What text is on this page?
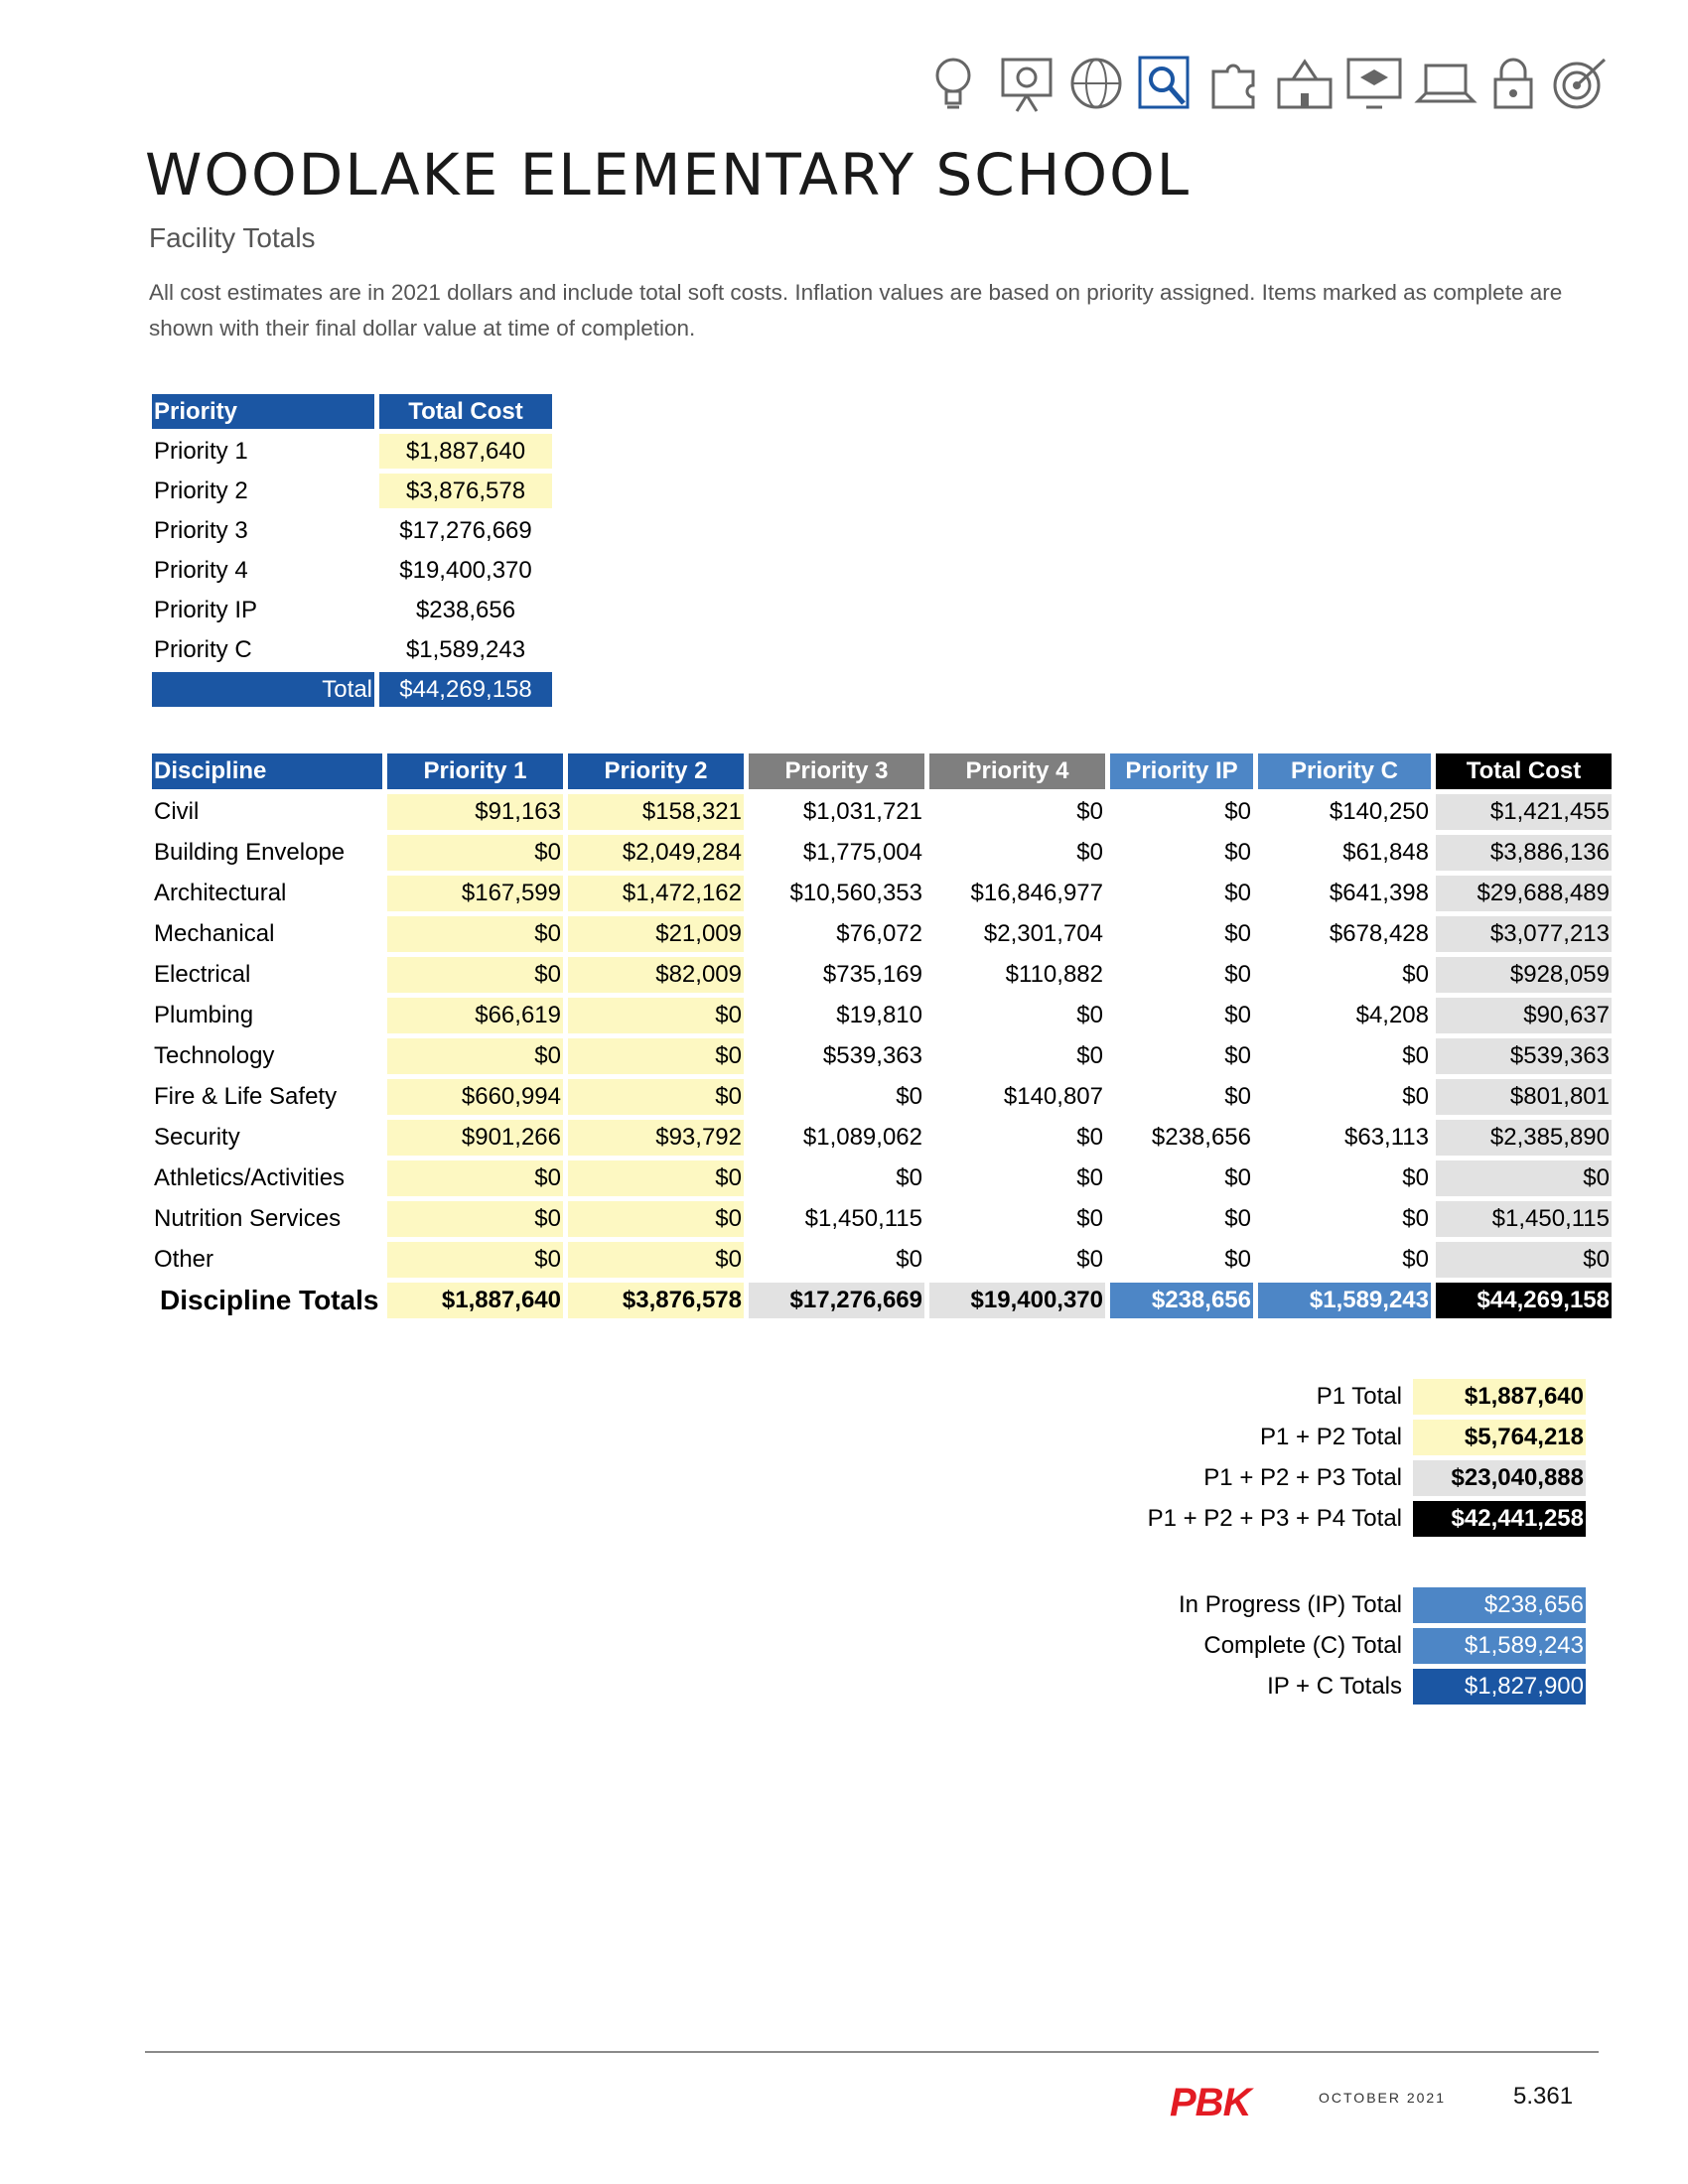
WOODLAKE ELEMENTARY SCHOOL
Facility Totals

All cost estimates are in 2021 dollars and include total soft costs. Inflation values are based on priority assigned. Items marked as complete are shown with their final dollar value at time of completion.

Priority	Total Cost
Priority 1	$1,887,640
Priority 2	$3,876,578
Priority 3	$17,276,669
Priority 4	$19,400,370
Priority IP	$238,656
Priority C	$1,589,243
Total	$44,269,158
Discipline	Priority 1	Priority 2	Priority 3	Priority 4	Priority IP	Priority C	Total Cost
Civil	$91,163	$158,321	$1,031,721	$0	$0	$140,250	$1,421,455
Building Envelope	$0	$2,049,284	$1,775,004	$0	$0	$61,848	$3,886,136
Architectural	$167,599	$1,472,162	$10,560,353	$16,846,977	$0	$641,398	$29,688,489
Mechanical	$0	$21,009	$76,072	$2,301,704	$0	$678,428	$3,077,213
Electrical	$0	$82,009	$735,169	$110,882	$0	$0	$928,059
Plumbing	$66,619	$0	$19,810	$0	$0	$4,208	$90,637
Technology	$0	$0	$539,363	$0	$0	$0	$539,363
Fire & Life Safety	$660,994	$0	$0	$140,807	$0	$0	$801,801
Security	$901,266	$93,792	$1,089,062	$0	$238,656	$63,113	$2,385,890
Athletics/Activities	$0	$0	$0	$0	$0	$0	$0
Nutrition Services	$0	$0	$1,450,115	$0	$0	$0	$1,450,115
Other	$0	$0	$0	$0	$0	$0	$0
Discipline Totals	$1,887,640	$3,876,578	$17,276,669	$19,400,370	$238,656	$1,589,243	$44,269,158
P1 Total	$1,887,640
P1 + P2 Total	$5,764,218
P1 + P2 + P3 Total	$23,040,888
P1 + P2 + P3 + P4 Total	$42,441,258
In Progress (IP) Total	$238,656
Complete (C) Total	$1,589,243
IP + C Totals	$1,827,900
PBK	OCTOBER 2021	5.361
